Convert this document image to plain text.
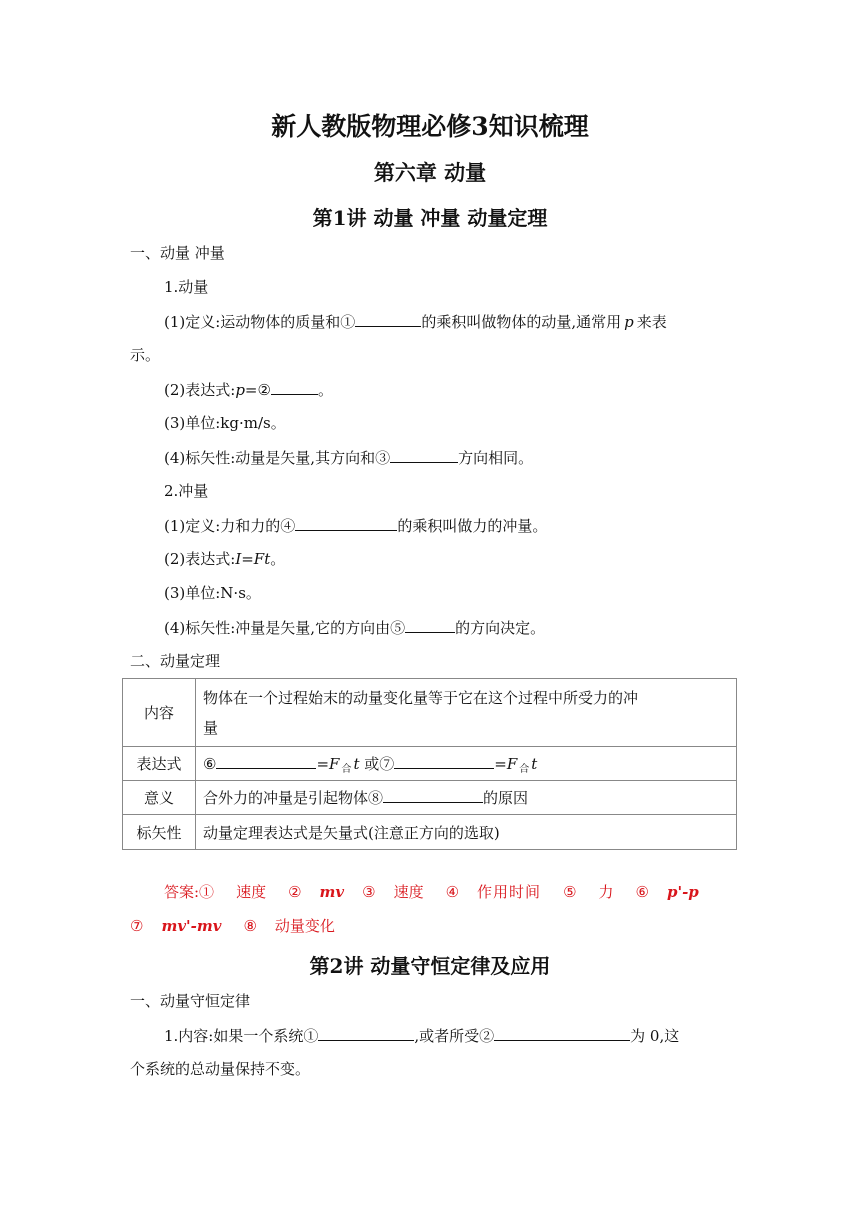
新人教版物理必修3知识梳理
第六章 动量
第1讲 动量 冲量 动量定理
一、动量 冲量
1.动量
(1)定义:运动物体的质量和①	的乘积叫做物体的动量,通常用 p 来表
示。
(2)表达式:p=②	。
(3)单位:kg·m/s。
(4)标矢性:动量是矢量,其方向和③	方向相同。
2.冲量
(1)定义:力和力的④	的乘积叫做力的冲量。
(2)表达式:I=Ft。
(3)单位:N·s。
(4)标矢性:冲量是矢量,它的方向由⑤	的方向决定。
二、动量定理
内容	物体在一个过程始末的动量变化量等于它在这个过程中所受力的冲
量

表达式	⑥ =F $_合$ t 或⑦ =F $_合$ t
意义	合外力的冲量是引起物体⑧ 的原因
标矢性	动量定理表达式是矢量式(注意正方向的选取)
答案:① 速度 ② mv ③ 速度 ④ 作用时间 ⑤ 力 ⑥ p'-p
⑦ mv'-mv ⑧ 动量变化
第2讲 动量守恒定律及应用
一、动量守恒定律
1.内容:如果一个系统①	,或者所受②	为 0,这
个系统的总动量保持不变。
